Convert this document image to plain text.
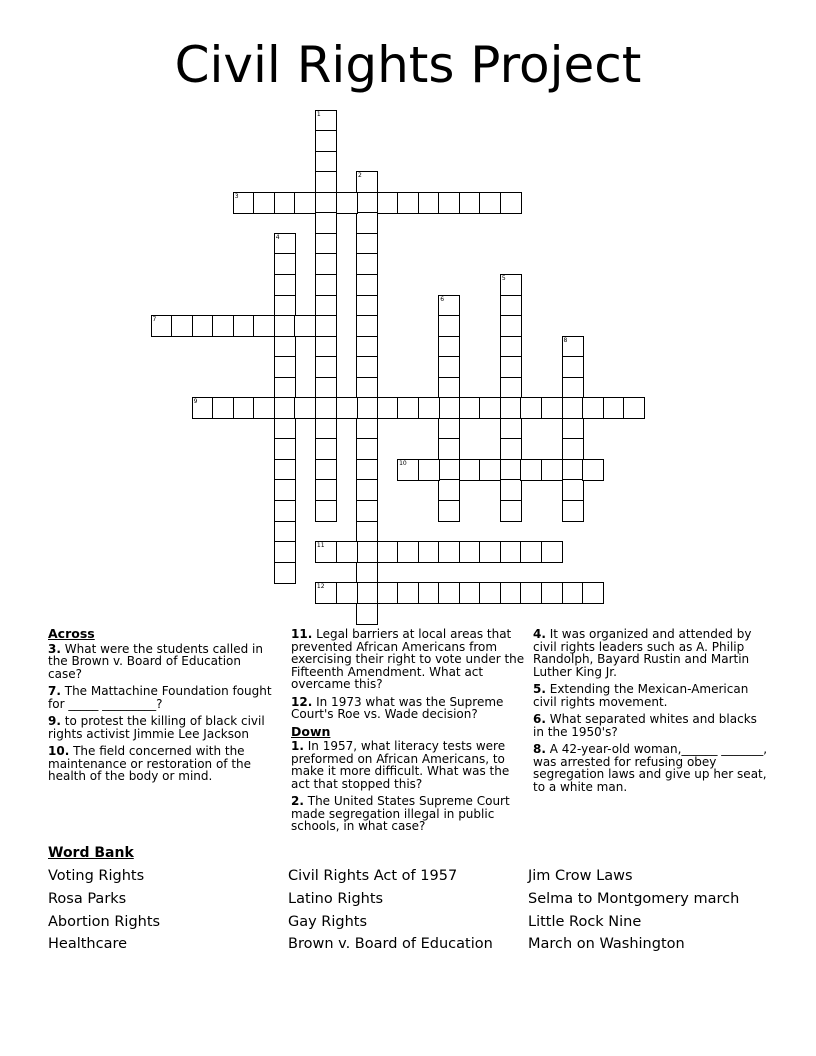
Civil Rights Project
1
2
3
4
5
6
7
8
9
10
11
12
Across
3. What were the students called in the Brown v. Board of Education case?
7. The Mattachine Foundation fought for _____ _________?
9. to protest the killing of black civil rights activist Jimmie Lee Jackson
10. The field concerned with the maintenance or restoration of the health of the body or mind.
11. Legal barriers at local areas that prevented African Americans from exercising their right to vote under the Fifteenth Amendment. What act overcame this?
12. In 1973 what was the Supreme Court's Roe vs. Wade decision?
Down
1. In 1957, what literacy tests were preformed on African Americans, to make it more difficult. What was the act that stopped this?
2. The United States Supreme Court made segregation illegal in public schools, in what case?
4. It was organized and attended by civil rights leaders such as A. Philip Randolph, Bayard Rustin and Martin Luther King Jr.
5. Extending the Mexican-American civil rights movement.
6. What separated whites and blacks in the 1950's?
8. A 42-year-old woman,______ _______, was arrested for refusing obey segregation laws and give up her seat, to a white man.
Word Bank
Voting Rights
Rosa Parks
Abortion Rights
Healthcare
Civil Rights Act of 1957
Latino Rights
Gay Rights
Brown v. Board of Education
Jim Crow Laws
Selma to Montgomery march
Little Rock Nine
March on Washington
